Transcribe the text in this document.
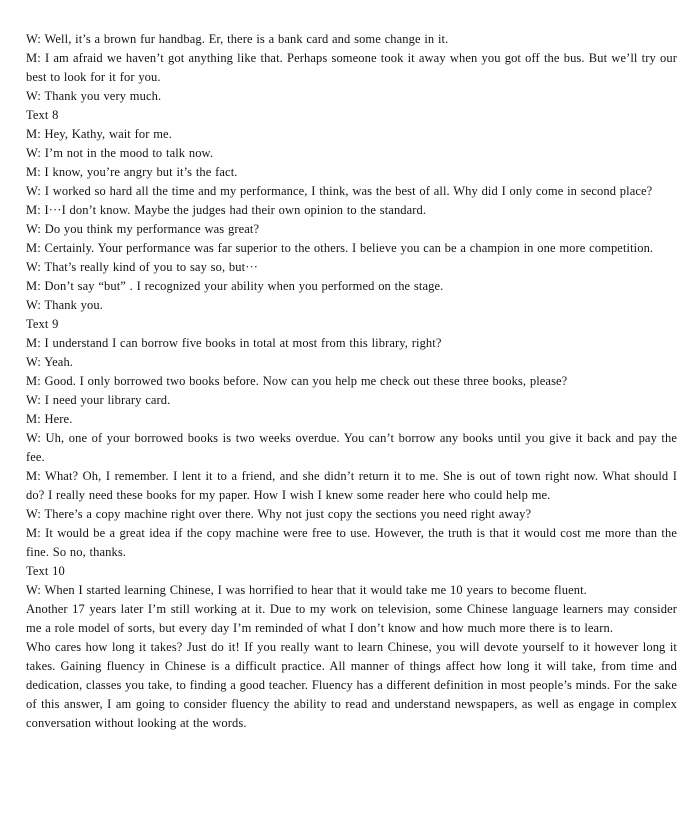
W: Well, it’s a brown fur handbag. Er, there is a bank card and some change in it.

M: I am afraid we haven’t got anything like that. Perhaps someone took it away when you got off the bus. But we’ll try our best to look for it for you.

W: Thank you very much.

Text 8

M: Hey, Kathy, wait for me.

W: I’m not in the mood to talk now.

M: I know, you’re angry but it’s the fact.

W: I worked so hard all the time and my performance, I think, was the best of all. Why did I only come in second place?

M: I···I don’t know. Maybe the judges had their own opinion to the standard.

W: Do you think my performance was great?

M: Certainly. Your performance was far superior to the others. I believe you can be a champion in one more competition.

W: That’s really kind of you to say so, but···

M: Don’t say “but” . I recognized your ability when you performed on the stage.

W: Thank you.

Text 9

M: I understand I can borrow five books in total at most from this library, right?

W: Yeah.

M: Good. I only borrowed two books before. Now can you help me check out these three books, please?

W: I need your library card.

M: Here.

W: Uh, one of your borrowed books is two weeks overdue. You can’t borrow any books until you give it back and pay the fee.

M: What? Oh, I remember. I lent it to a friend, and she didn’t return it to me. She is out of town right now. What should I do? I really need these books for my paper. How I wish I knew some reader here who could help me.

W: There’s a copy machine right over there. Why not just copy the sections you need right away?

M: It would be a great idea if the copy machine were free to use. However, the truth is that it would cost me more than the fine. So no, thanks.

Text 10

W: When I started learning Chinese, I was horrified to hear that it would take me 10 years to become fluent.

Another 17 years later I’m still working at it. Due to my work on television, some Chinese language learners may consider me a role model of sorts, but every day I’m reminded of what I don’t know and how much more there is to learn.

Who cares how long it takes? Just do it! If you really want to learn Chinese, you will devote yourself to it however long it takes. Gaining fluency in Chinese is a difficult practice. All manner of things affect how long it will take, from time and dedication, classes you take, to finding a good teacher. Fluency has a different definition in most people’s minds. For the sake of this answer, I am going to consider fluency the ability to read and understand newspapers, as well as engage in complex conversation without looking at the words.
